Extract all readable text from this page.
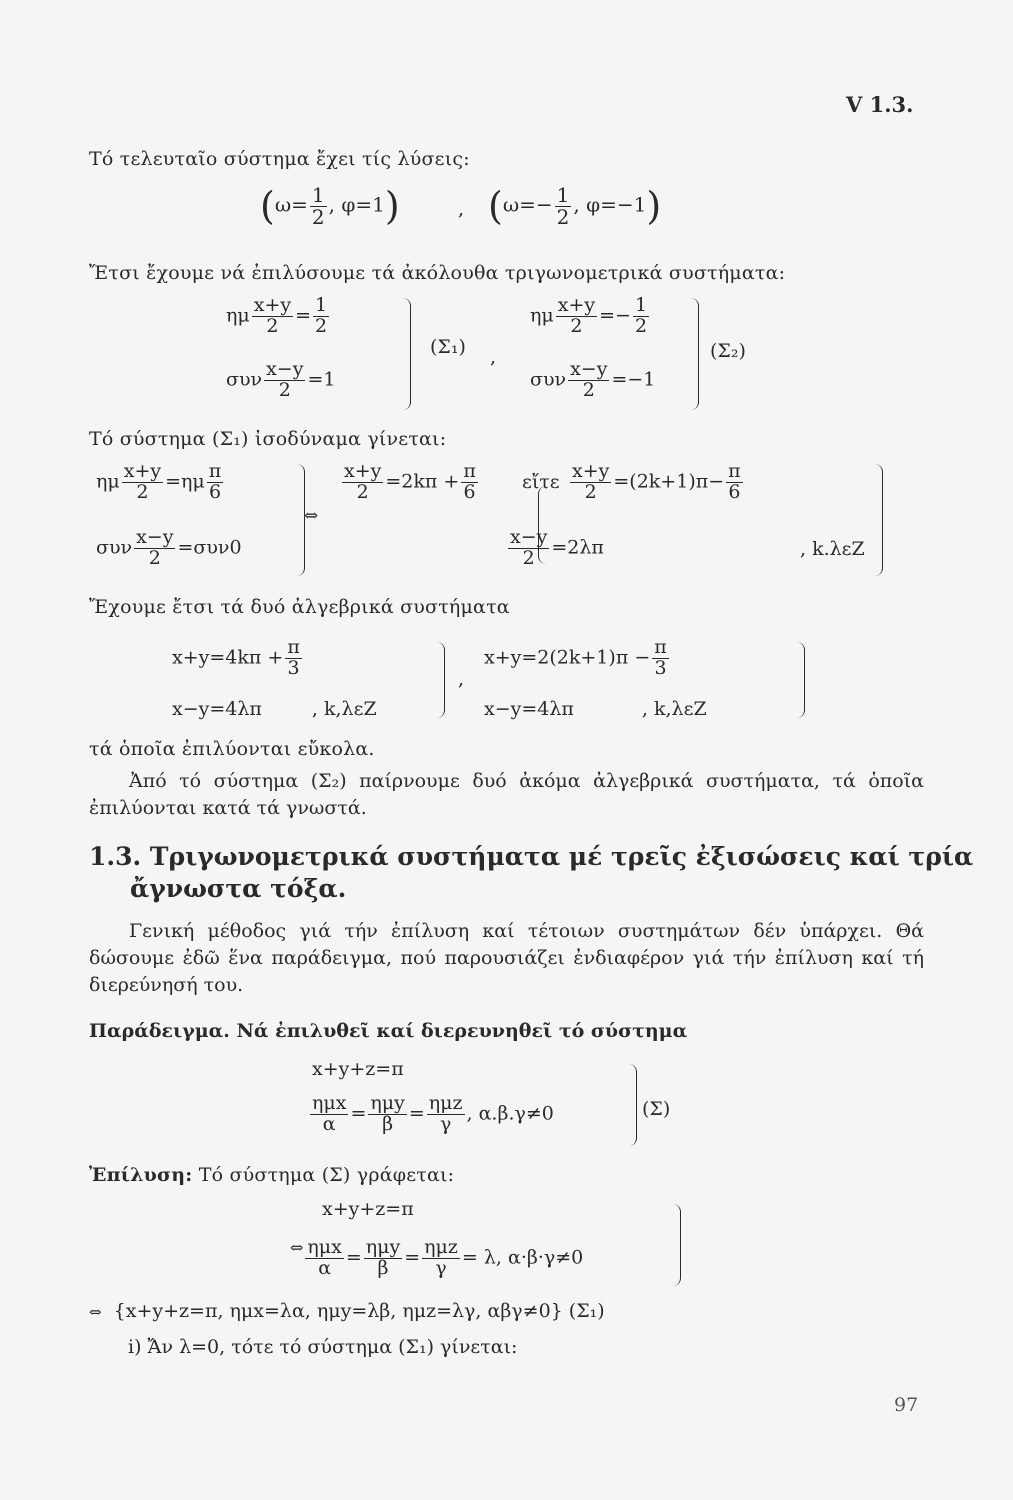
V 1.3.
Τό τελευταῖο σύστημα ἔχει τίς λύσεις:
($\omega= \frac{1}{2}$ , φ=1)	, ($\omega=- \frac{1}{2}$ , φ=−1)
Ἔτσι ἔχουμε νά ἐπιλύσουμε τά ἀκόλουθα τριγωνομετρικά συστήματα:
ημ $\frac{x+y}{2} = \frac{1}{2}$
συν $\frac{x-y}{2} =1$
(Σ₁) ,
ημ $\frac{x+y}{2} =- \frac{1}{2}$
συν $\frac{x-y}{2} =-1$
(Σ₂)
Τό σύστημα (Σ₁) ἰσοδύναμα γίνεται:
ημ $\frac{x+y}{2} =\eta\mu \frac{\pi}{6}$
συν $\frac{x-y}{2} =\sigma\upsilon\nu 0$
⇔
$\frac{x+y}{2} =2k\pi + \frac{\pi}{6}$ εἴτε $\frac{x+y}{2} =(2k+1)\pi- \frac{\pi}{6}$
$\frac{x-y}{2} =2\lambda\pi$	, k.λεZ
Ἔχουμε ἔτσι τά δυό ἀλγεβρικά συστήματα
$x+y=4k\pi + \frac{\pi}{3}$
x−y=4λπ	, k,λεZ
,
$x+y=2(2k+1)\pi - \frac{\pi}{3}$
x−y=4λπ	, k,λεZ
τά ὁποῖα ἐπιλύονται εὔκολα.
Ἀπό τό σύστημα (Σ₂) παίρνουμε δυό ἀκόμα ἀλγεβρικά συστήματα, τά ὁποῖα ἐπιλύονται κατά τά γνωστά.
1.3. Τριγωνομετρικά συστήματα μέ τρεῖς ἐξισώσεις καί τρία
ἄγνωστα τόξα.
Γενική μέθοδος γιά τήν ἐπίλυση καί τέτοιων συστημάτων δέν ὑπάρχει. Θά δώσουμε ἐδῶ ἕνα παράδειγμα, πού παρουσιάζει ἐνδιαφέρον γιά τήν ἐπίλυση καί τή διερεύνησή του.
Παράδειγμα. Νά ἐπιλυθεῖ καί διερευνηθεῖ τό σύστημα
x+y+z=π
$\frac{\text{ημx}}{\alpha} = \frac{\text{ημy}}{\beta} = \frac{\text{ημz}}{\gamma}$ , α.β.γ≠0	(Σ)
Ἐπίλυση: Τό σύστημα (Σ) γράφεται:
x+y+z=π
$^\Leftrightarrow \frac{\text{ημx}}{\alpha} = \frac{\text{ημy}}{\beta} = \frac{\text{ημz}}{\gamma} = \lambda$, α·β·γ≠0
⇔ {x+y+z=π, ημx=λα, ημy=λβ, ημz=λγ, αβγ≠0} (Σ₁)
i) Ἄν λ=0, τότε τό σύστημα (Σ₁) γίνεται:
97
